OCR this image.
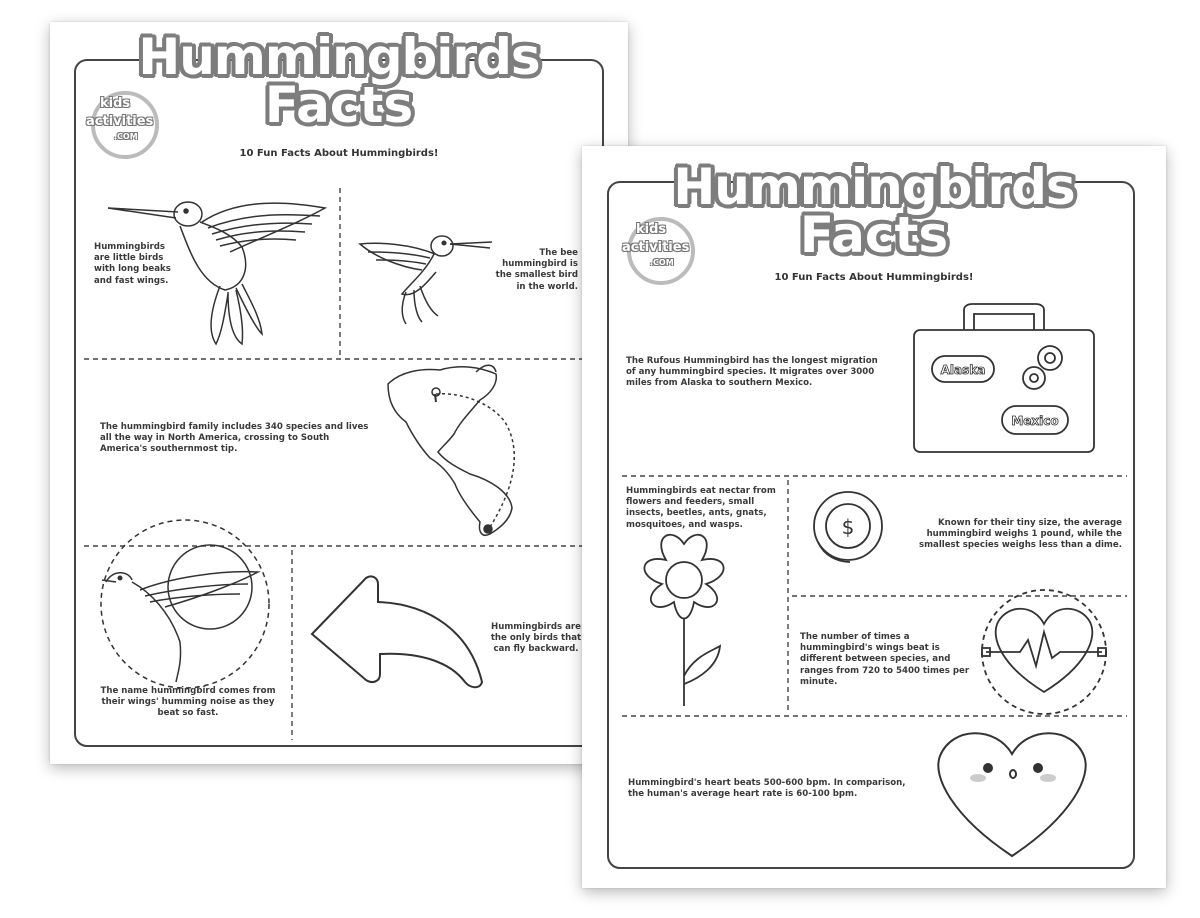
Hummingbirds
Facts
kids
activities
.COM
10 Fun Facts About Hummingbirds!
Hummingbirds are little birds with long beaks and fast wings.
The bee hummingbird is the smallest bird in the world.
The hummingbird family includes 340 species and lives all the way in North America, crossing to South America's southernmost tip.
The name hummingbird comes from their wings' humming noise as they beat so fast.
Hummingbirds are the only birds that can fly backward.
Alaska
Mexico
$
Hummingbirds
Facts
kids
activities
.COM
10 Fun Facts About Hummingbirds!
The Rufous Hummingbird has the longest migration of any hummingbird species. It migrates over 3000 miles from Alaska to southern Mexico.
Hummingbirds eat nectar from flowers and feeders, small insects, beetles, ants, gnats, mosquitoes, and wasps.	Known for their tiny size, the average hummingbird weighs 1 pound, while the smallest species weighs less than a dime.
The number of times a hummingbird's wings beat is different between species, and ranges from 720 to 5400 times per minute.
Hummingbird's heart beats 500-600 bpm. In comparison, the human's average heart rate is 60-100 bpm.
